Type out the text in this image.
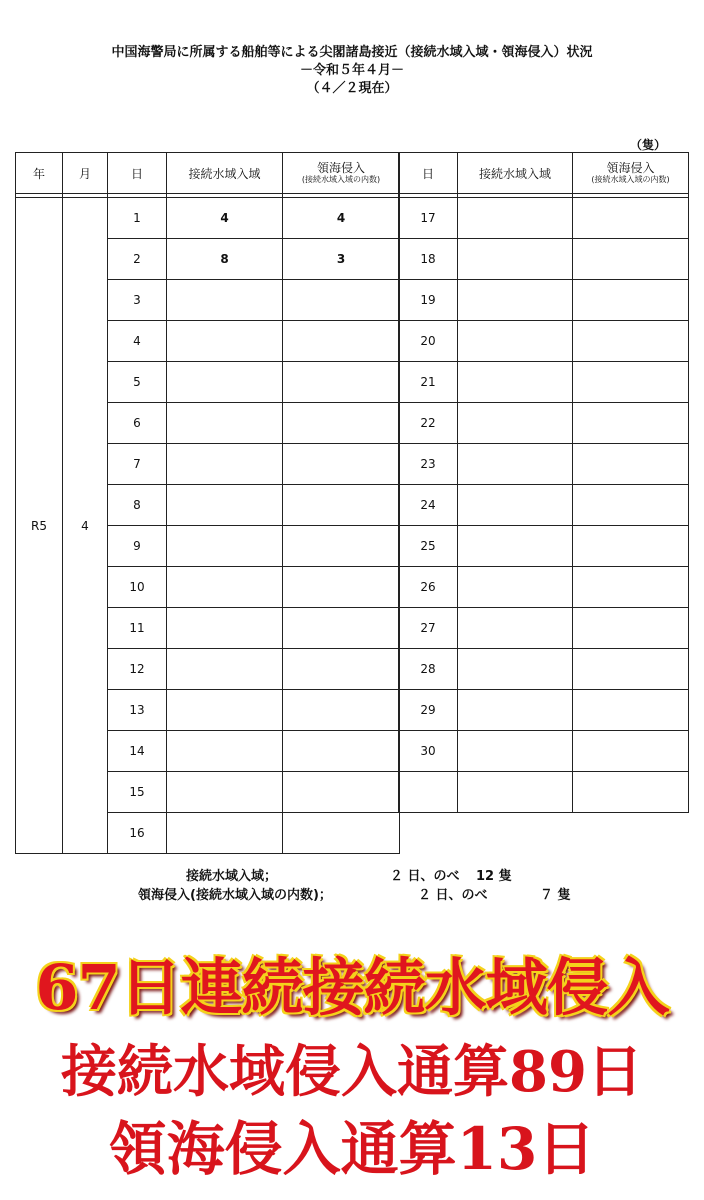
中国海警局に所属する船舶等による尖閣諸島接近（接続水域入域・領海侵入）状況
－令和５年４月－
（４／２現在）
（隻）
年	月	日	接続水域入域	領海侵入
(接続水域入域の内数)

R5	4	1	4	4
		2	8	3
		3		
		4		
		5		
		6		
		7		
		8		
		9		
		10		
		11		
		12		
		13		
		14		
		15		
		16		
日	接続水域入域	領海侵入
(接続水域入域の内数)

17		
18		
19		
20		
21		
22		
23		
24		
25		
26		
27		
28		
29		
30		

接続水域入域；	２ 日、のべ 12 隻
領海侵入(接続水域入域の内数)；	２ 日、のべ	７ 隻
67日連続接続水域侵入
接続水域侵入通算89日
領海侵入通算13日
